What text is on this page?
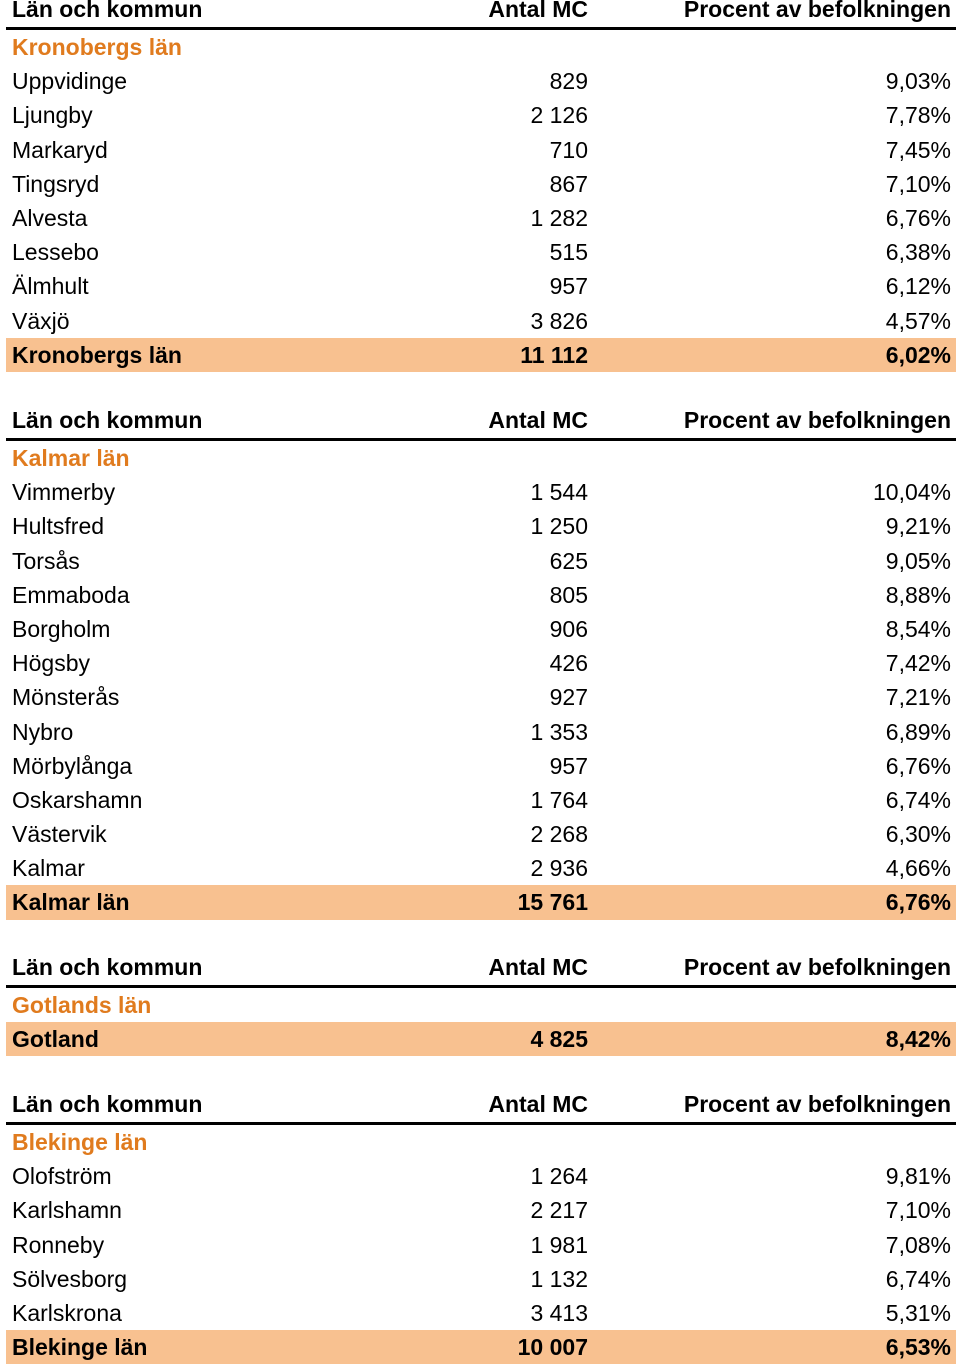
Län och kommun	Antal MC	Procent av befolkningen
Kronobergs län
Uppvidinge	829	9,03%
Ljungby	2 126	7,78%
Markaryd	710	7,45%
Tingsryd	867	7,10%
Alvesta	1 282	6,76%
Lessebo	515	6,38%
Älmhult	957	6,12%
Växjö	3 826	4,57%
Kronobergs län	11 112	6,02%
Län och kommun	Antal MC	Procent av befolkningen
Kalmar län
Vimmerby	1 544	10,04%
Hultsfred	1 250	9,21%
Torsås	625	9,05%
Emmaboda	805	8,88%
Borgholm	906	8,54%
Högsby	426	7,42%
Mönsterås	927	7,21%
Nybro	1 353	6,89%
Mörbylånga	957	6,76%
Oskarshamn	1 764	6,74%
Västervik	2 268	6,30%
Kalmar	2 936	4,66%
Kalmar län	15 761	6,76%
Län och kommun	Antal MC	Procent av befolkningen
Gotlands län
Gotland	4 825	8,42%
Län och kommun	Antal MC	Procent av befolkningen
Blekinge län
Olofström	1 264	9,81%
Karlshamn	2 217	7,10%
Ronneby	1 981	7,08%
Sölvesborg	1 132	6,74%
Karlskrona	3 413	5,31%
Blekinge län	10 007	6,53%
